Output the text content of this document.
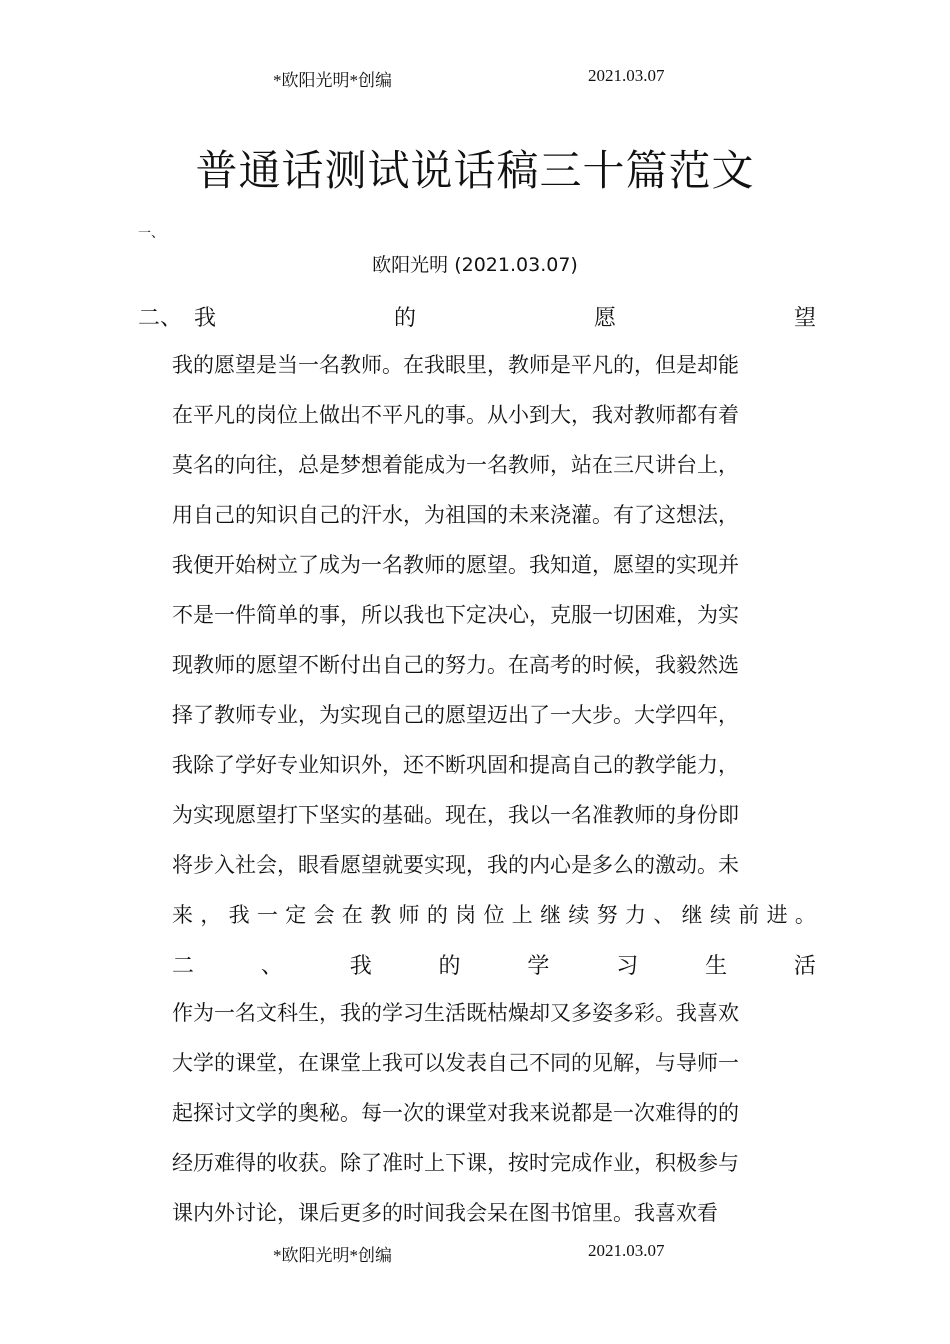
*欧阳光明*创编	2021.03.07
普通话测试说话稿三十篇范文
一、
欧阳光明 (2021.03.07)
二、 我	的	愿	望
我的愿望是当一名教师。在我眼里，教师是平凡的，但是却能
在平凡的岗位上做出不平凡的事。从小到大，我对教师都有着
莫名的向往，总是梦想着能成为一名教师，站在三尺讲台上，
用自己的知识自己的汗水，为祖国的未来浇灌。有了这想法，
我便开始树立了成为一名教师的愿望。我知道，愿望的实现并
不是一件简单的事，所以我也下定决心，克服一切困难，为实
现教师的愿望不断付出自己的努力。在高考的时候，我毅然选
择了教师专业，为实现自己的愿望迈出了一大步。大学四年，
我除了学好专业知识外，还不断巩固和提高自己的教学能力，
为实现愿望打下坚实的基础。现在，我以一名准教师的身份即
将步入社会，眼看愿望就要实现，我的内心是多么的激动。未
来 ， 我 一 定 会 在 教 师 的 岗 位 上 继 续 努 力 、 继 续 前 进 。
二	、	我	的	学	习	生	活
作为一名文科生，我的学习生活既枯燥却又多姿多彩。我喜欢
大学的课堂，在课堂上我可以发表自己不同的见解，与导师一
起探讨文学的奥秘。每一次的课堂对我来说都是一次难得的的
经历难得的收获。除了准时上下课，按时完成作业，积极参与
课内外讨论，课后更多的时间我会呆在图书馆里。我喜欢看
*欧阳光明*创编	2021.03.07
